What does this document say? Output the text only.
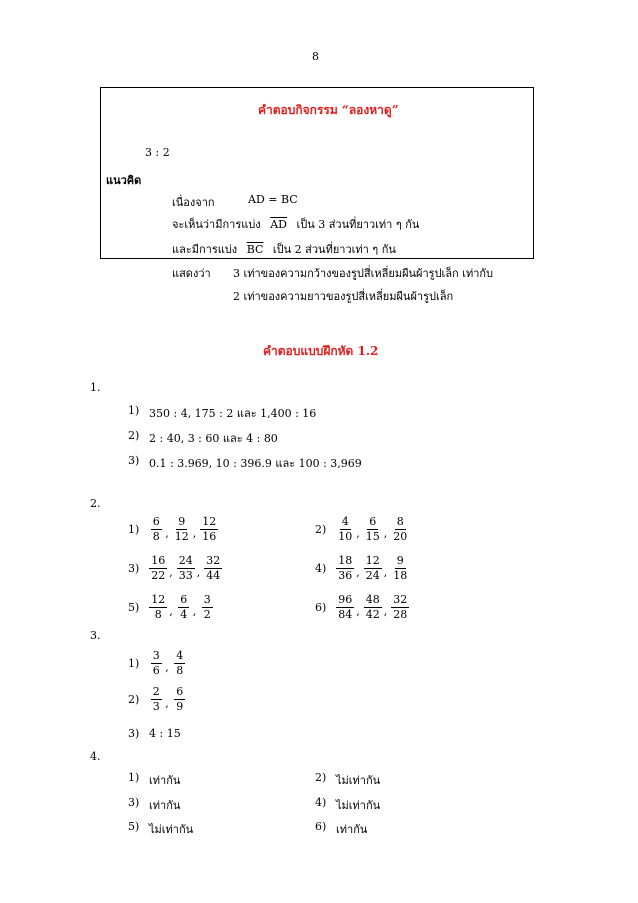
8
คำตอบกิจกรรม “ลองหาดู”
3 : 2
แนวคิด
เนื่องจาก	AD = BC
จะเห็นว่ามีการแบ่ง $\overline{AD}$ เป็น 3 ส่วนที่ยาวเท่า ๆ กัน
และมีการแบ่ง $\overline{BC}$ เป็น 2 ส่วนที่ยาวเท่า ๆ กัน
แสดงว่า 3 เท่าของความกว้างของรูปสี่เหลี่ยมผืนผ้ารูปเล็ก เท่ากับ
2 เท่าของความยาวของรูปสี่เหลี่ยมผืนผ้ารูปเล็ก
คำตอบแบบฝึกหัด 1.2
1.
1) 350 : 4, 175 : 2 และ 1,400 : 16
2) 2 : 40, 3 : 60 และ 4 : 80
3) 0.1 : 3.969, 10 : 396.9 และ 100 : 3,969
2.
$1) \frac{6}{8}$ , $\frac{9}{12}$ , $\frac{12}{16}$	$2) \frac{4}{10}$ , $\frac{6}{15}$ , $\frac{8}{20}$
$3) \frac{16}{22}$ , $\frac{24}{33}$ , $\frac{32}{44}$	$4) \frac{18}{36}$ , $\frac{12}{24}$ , $\frac{9}{18}$
$5) \frac{12}{8}$ , $\frac{6}{4}$ , $\frac{3}{2}$	$6) \frac{96}{84}$ , $\frac{48}{42}$ , $\frac{32}{28}$
3.
$1) \frac{3}{6}$ , $\frac{4}{8}$
$2) \frac{2}{3}$ , $\frac{6}{9}$
3) 4 : 15
4.
1) เท่ากัน	2) ไม่เท่ากัน
3) เท่ากัน	4) ไม่เท่ากัน
5) ไม่เท่ากัน	6) เท่ากัน
